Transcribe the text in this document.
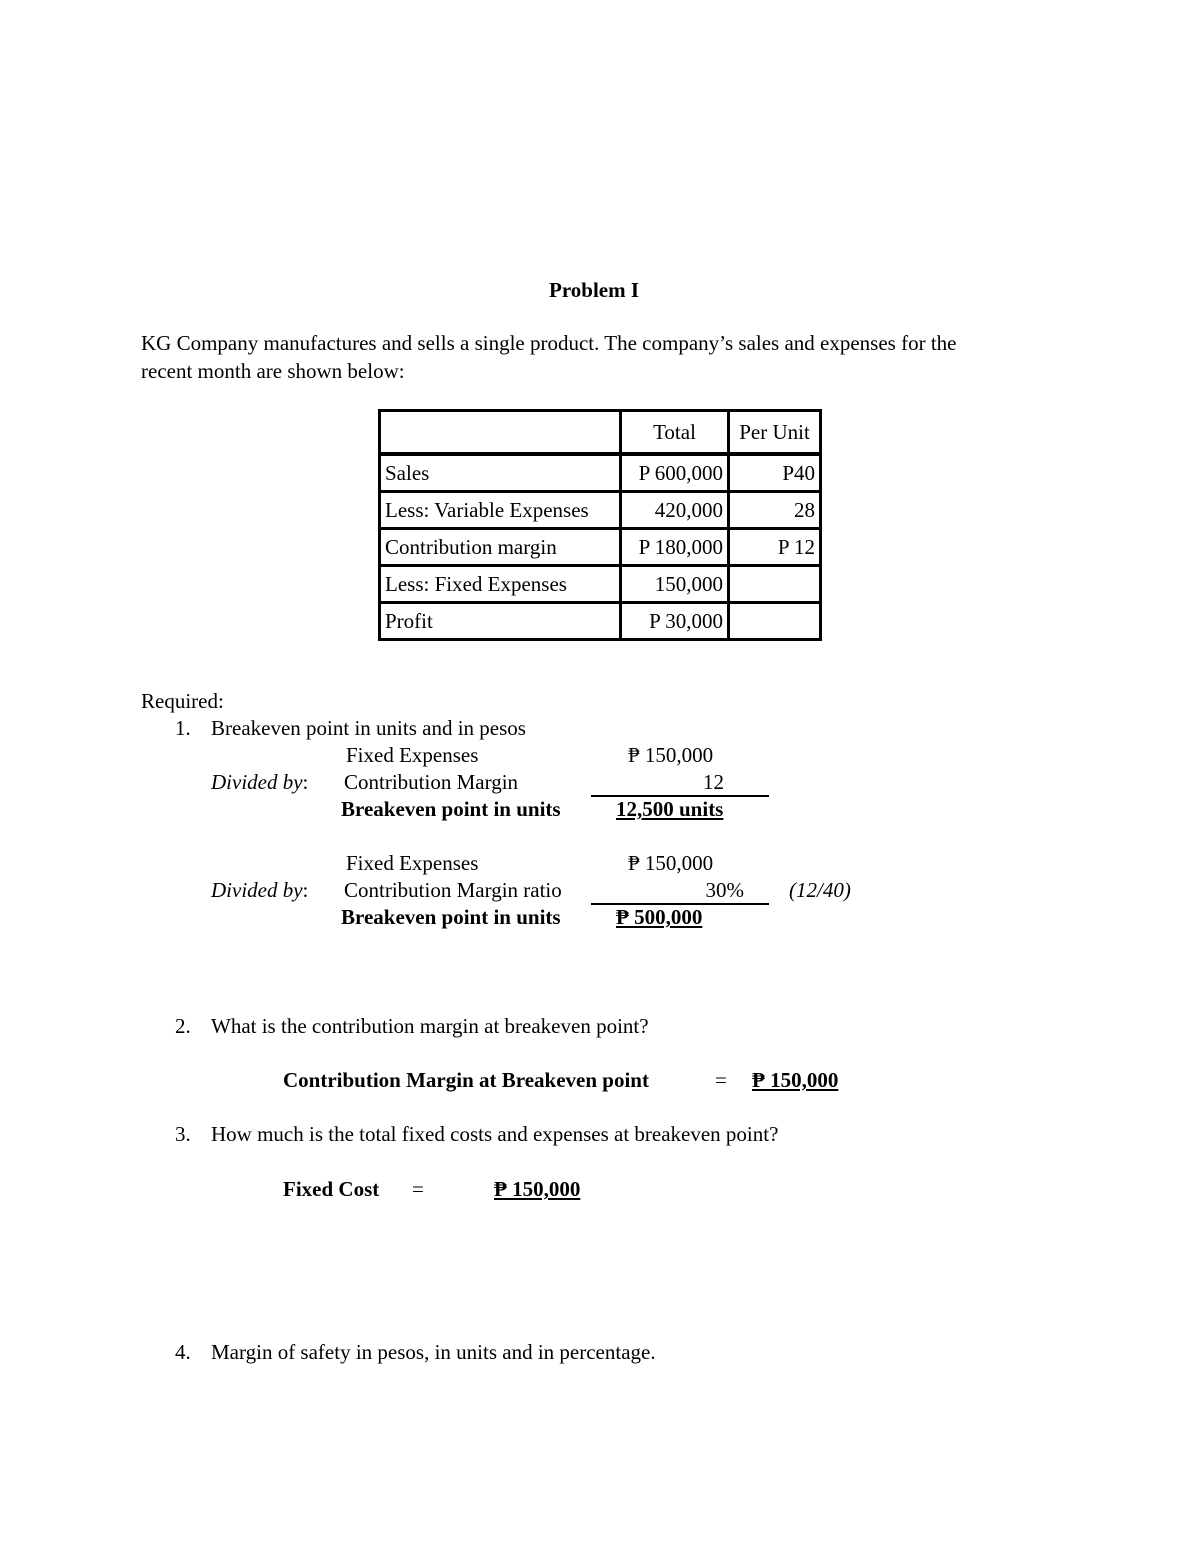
Problem I
KG Company manufactures and sells a single product. The company’s sales and expenses for the
recent month are shown below:
	Total	Per Unit
Sales	P 600,000	P40
Less: Variable Expenses	420,000	28
Contribution margin	P 180,000	P 12
Less: Fixed Expenses	150,000	
Profit	P 30,000	
Required:
1. Breakeven point in units and in pesos
Fixed Expenses	₱ 150,000
Divided by: Contribution Margin	12
Breakeven point in units	12,500 units
Fixed Expenses	₱ 150,000
Divided by: Contribution Margin ratio	30% (12/40)
Breakeven point in units	₱ 500,000
2. What is the contribution margin at breakeven point?
Contribution Margin at Breakeven point	= ₱ 150,000
3. How much is the total fixed costs and expenses at breakeven point?
Fixed Cost =	₱ 150,000
4. Margin of safety in pesos, in units and in percentage.
